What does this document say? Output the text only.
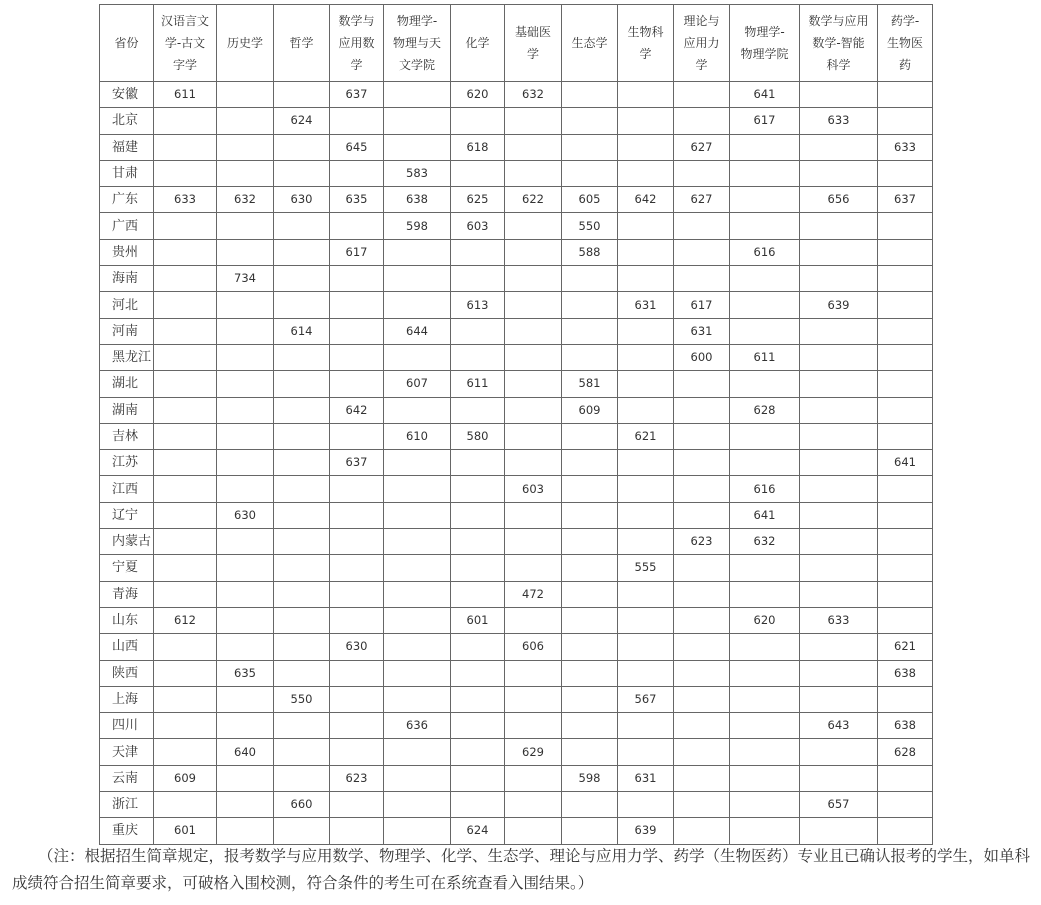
省份	汉语言文
学-古文
字学	历史学	哲学	数学与
应用数
学	物理学-
物理与天
文学院	化学	基础医
学	生态学	生物科
学	理论与
应用力
学	物理学-
物理学院	数学与应用
数学-智能
科学	药学-
生物医
药
安徽	611			637		620	632				641		
北京			624								617	633	
福建				645		618				627			633
甘肃					583								
广东	633	632	630	635	638	625	622	605	642	627		656	637
广西					598	603		550					
贵州				617				588			616		
海南		734											
河北						613			631	617		639	
河南			614		644					631			
黑龙江										600	611		
湖北					607	611		581					
湖南				642				609			628		
吉林					610	580			621				
江苏				637									641
江西							603				616		
辽宁		630									641		
内蒙古										623	632		
宁夏									555				
青海							472						
山东	612					601					620	633	
山西				630			606						621
陕西		635											638
上海			550						567				
四川					636							643	638
天津		640					629						628
云南	609			623				598	631				
浙江			660									657	
重庆	601					624			639				

（注：根据招生简章规定，报考数学与应用数学、物理学、化学、生态学、理论与应用力学、药学（生物医药）专业且已确认报考的学生，如单科成绩符合招生简章要求，可破格入围校测，符合条件的考生可在系统查看入围结果。）
